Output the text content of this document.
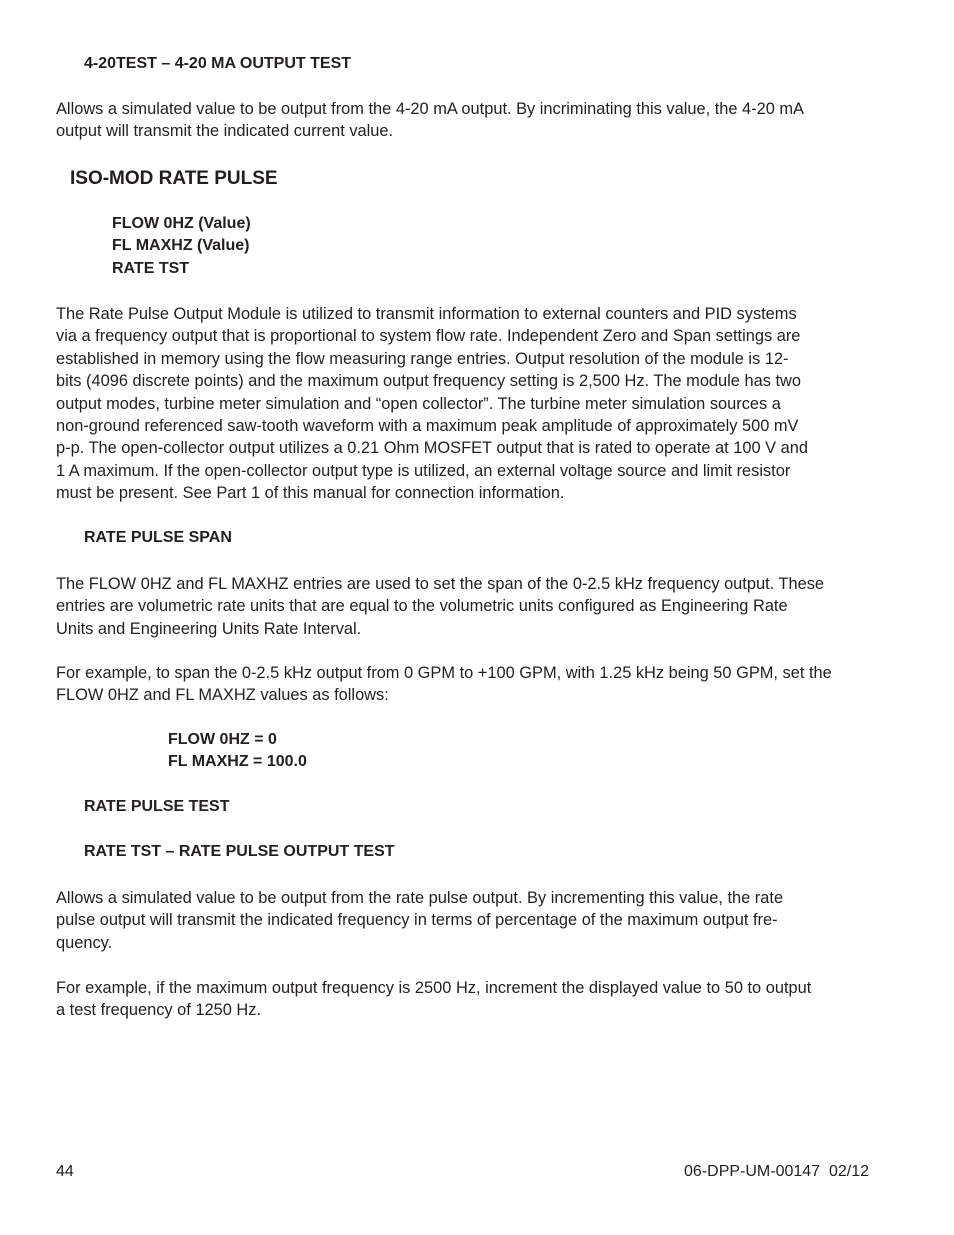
4-20TEST – 4-20 MA OUTPUT TEST

Allows a simulated value to be output from the 4-20 mA output. By incriminating this value, the 4-20 mA
output will transmit the indicated current value.

ISO-MOD RATE PULSE
FLOW 0HZ (Value)
FL MAXHZ (Value)
RATE TST

The Rate Pulse Output Module is utilized to transmit information to external counters and PID systems
via a frequency output that is proportional to system flow rate. Independent Zero and Span settings are
established in memory using the flow measuring range entries. Output resolution of the module is 12-
bits (4096 discrete points) and the maximum output frequency setting is 2,500 Hz. The module has two
output modes, turbine meter simulation and “open collector”. The turbine meter simulation sources a
non-ground referenced saw-tooth waveform with a maximum peak amplitude of approximately 500 mV
p-p. The open-collector output utilizes a 0.21 Ohm MOSFET output that is rated to operate at 100 V and
1 A maximum. If the open-collector output type is utilized, an external voltage source and limit resistor
must be present. See Part 1 of this manual for connection information.

RATE PULSE SPAN

The FLOW 0HZ and FL MAXHZ entries are used to set the span of the 0-2.5 kHz frequency output. These
entries are volumetric rate units that are equal to the volumetric units configured as Engineering Rate
Units and Engineering Units Rate Interval.

For example, to span the 0-2.5 kHz output from 0 GPM to +100 GPM, with 1.25 kHz being 50 GPM, set the
FLOW 0HZ and FL MAXHZ values as follows:

FLOW 0HZ = 0
FL MAXHZ = 100.0
RATE PULSE TEST
RATE TST – RATE PULSE OUTPUT TEST

Allows a simulated value to be output from the rate pulse output. By incrementing this value, the rate
pulse output will transmit the indicated frequency in terms of percentage of the maximum output fre-
quency.

For example, if the maximum output frequency is 2500 Hz, increment the displayed value to 50 to output
a test frequency of 1250 Hz.

44	06-DPP-UM-00147  02/12
